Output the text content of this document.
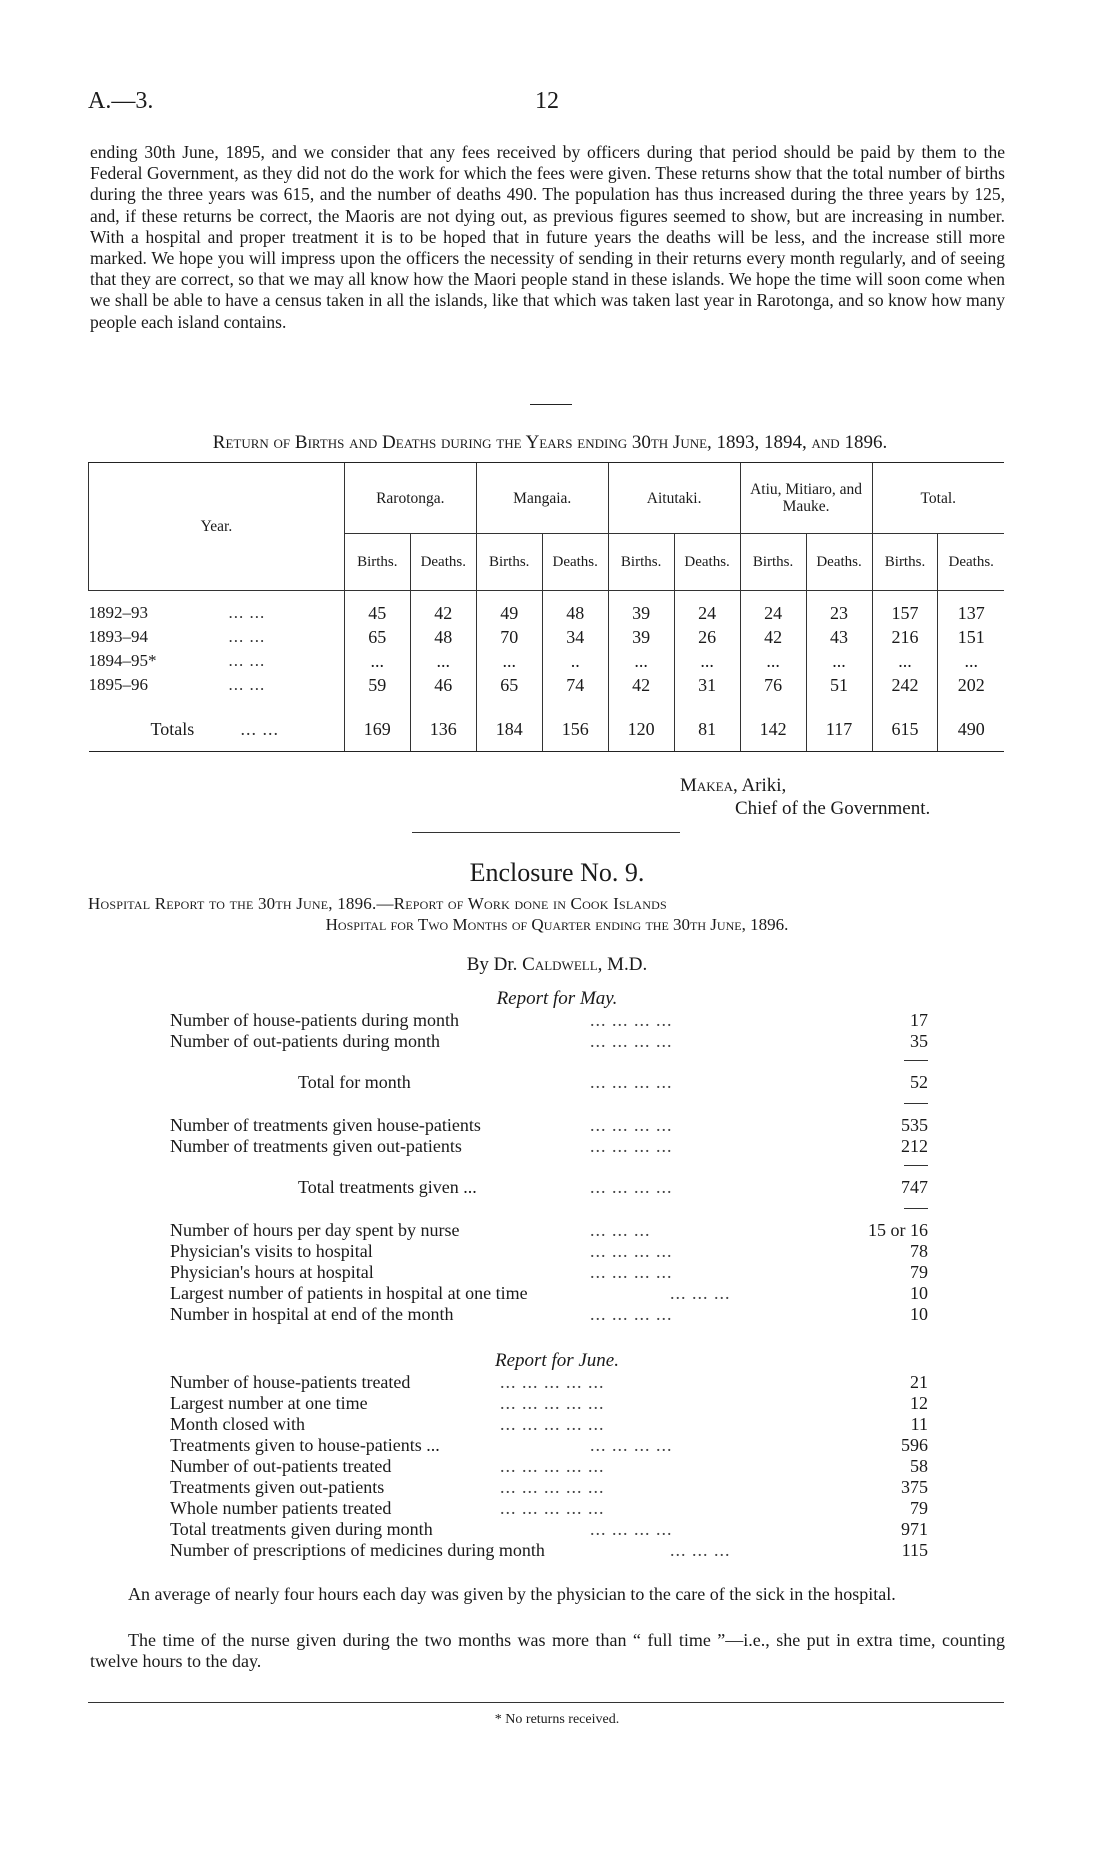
A.—3.	12
ending 30th June, 1895, and we consider that any fees received by officers during that period should be paid by them to the Federal Government, as they did not do the work for which the fees were given. These returns show that the total number of births during the three years was 615, and the number of deaths 490. The population has thus increased during the three years by 125, and, if these returns be correct, the Maoris are not dying out, as previous figures seemed to show, but are increasing in number. With a hospital and proper treatment it is to be hoped that in future years the deaths will be less, and the increase still more marked. We hope you will impress upon the officers the necessity of sending in their returns every month regularly, and of seeing that they are correct, so that we may all know how the Maori people stand in these islands. We hope the time will soon come when we shall be able to have a census taken in all the islands, like that which was taken last year in Rarotonga, and so know how many people each island contains.
Return of Births and Deaths during the Years ending 30th June, 1893, 1894, and 1896.
Year.	Rarotonga.		Mangaia.		Aitutaki.		Atiu, Mitiaro, and Mauke.		Total.	
	Births.	Deaths.	Births.	Deaths.	Births.	Deaths.	Births.	Deaths.	Births.	Deaths.

1892–93 ... ...	45	42	49	48	39	24	24	23	157	137
1893–94 ... ...	65	48	70	34	39	26	42	43	216	151
1894–95* ... ...	...	...	...	..	...	...	...	...	...	...
1895–96 ... ...	59	46	65	74	42	31	76	51	242	202

Totals ... ...	169	136	184	156	120	81	142	117	615	490
Makea, Ariki,
Chief of the Government.
Enclosure No. 9.
Hospital Report to the 30th June, 1896.—Report of Work done in Cook Islands
Hospital for Two Months of Quarter ending the 30th June, 1896.
By Dr. Caldwell, M.D.
Report for May.
Number of house-patients during month	... ... ... ...	17
Number of out-patients during month	... ... ... ...	35
Total for month	... ... ... ...	52
Number of treatments given house-patients	... ... ... ...	535
Number of treatments given out-patients	... ... ... ...	212
Total treatments given ...	... ... ... ...	747
Number of hours per day spent by nurse	... ... ...	15 or 16
Physician's visits to hospital	... ... ... ...	78
Physician's hours at hospital	... ... ... ...	79
Largest number of patients in hospital at one time	... ... ...	10
Number in hospital at end of the month	... ... ... ...	10
Report for June.
Number of house-patients treated	... ... ... ... ...	21
Largest number at one time	... ... ... ... ...	12
Month closed with	... ... ... ... ...	11
Treatments given to house-patients ...	... ... ... ...	596
Number of out-patients treated	... ... ... ... ...	58
Treatments given out-patients	... ... ... ... ...	375
Whole number patients treated	... ... ... ... ...	79
Total treatments given during month	... ... ... ...	971
Number of prescriptions of medicines during month	... ... ...	115
An average of nearly four hours each day was given by the physician to the care of the sick in the hospital.
The time of the nurse given during the two months was more than “ full time ”—i.e., she put in extra time, counting twelve hours to the day.
* No returns received.
